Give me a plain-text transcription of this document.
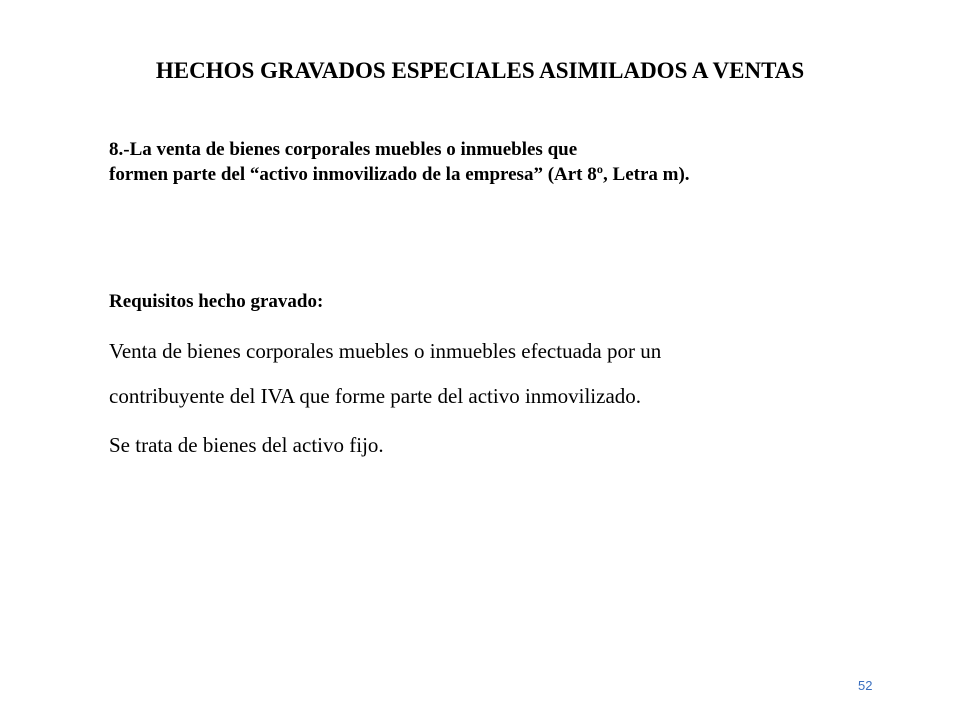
HECHOS GRAVADOS ESPECIALES ASIMILADOS A VENTAS
8.-La venta de bienes corporales muebles o inmuebles que
formen parte del “activo inmovilizado de la empresa” (Art 8º, Letra m).
Requisitos hecho gravado:
Venta de bienes corporales muebles o inmuebles efectuada por un
contribuyente del IVA que forme parte del activo inmovilizado.
Se trata de bienes del activo fijo.
52
